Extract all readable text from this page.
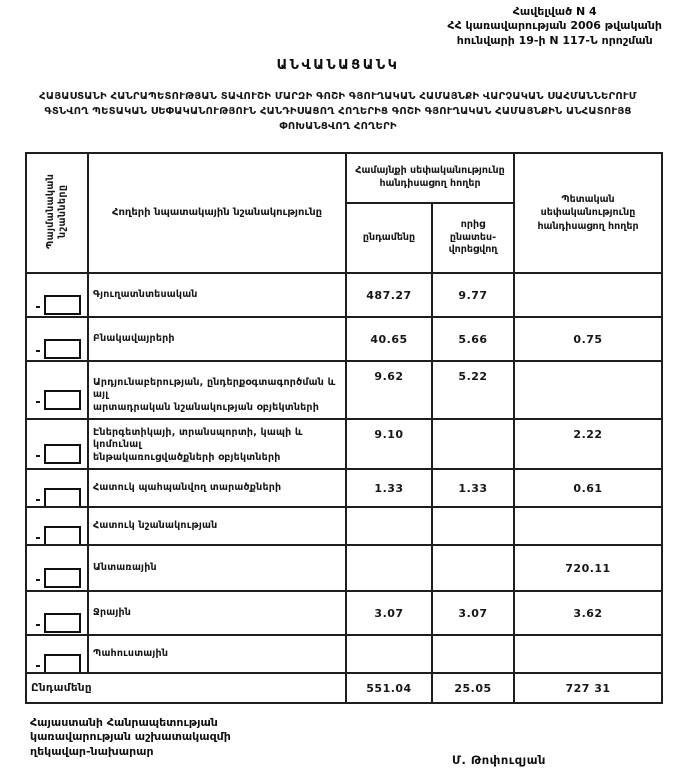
Հավելված N 4
ՀՀ կառավարության 2006 թվականի
հունվարի 19-ի N 117-Ն որոշման
ԱՆՎԱՆԱՑԱՆԿ
ՀԱՅԱՍՏԱՆԻ ՀԱՆՐԱՊԵՏՈՒԹՅԱՆ ՏԱՎՈՒՇԻ ՄԱՐԶԻ ԳՈՇԻ ԳՅՈՒՂԱԿԱՆ ՀԱՄԱՅՆՔԻ ՎԱՐՉԱԿԱՆ ՍԱՀՄԱՆՆԵՐՈՒՄ ԳՏՆՎՈՂ ՊԵՏԱԿԱՆ ՍԵՓԱԿԱՆՈՒԹՅՈՒՆ ՀԱՆԴԻՍԱՑՈՂ ՀՈՂԵՐԻՑ ԳՈՇԻ ԳՅՈՒՂԱԿԱՆ ՀԱՄԱՅՆՔԻՆ ԱՆՀԱՏՈՒՅՑ ՓՈԽԱՆՑՎՈՂ ՀՈՂԵՐԻ
Պայմանական նշանները	Հողերի նպատակային նշանակությունը	Համայնքի սեփականությունը հանդիսացող հողեր		Պետական սեփականությունը հանդիսացող հողեր
		ընդամենը	որից ընատես-վորեցվող	

	Գյուղատնտեսական	487.27	9.77	

	Բնակավայրերի	40.65	5.66	0.75

	Արդյունաբերության, ընդերքօգտագործման և այլ
արտադրական նշանակության օբյեկտների	9.62	5.22	

	Էներգետիկայի, տրանսպորտի, կապի և կոմունալ
ենթակառուցվածքների օբյեկտների	9.10		2.22

	Հատուկ պահպանվող տարածքների	1.33	1.33	0.61

	Հատուկ նշանակության			

	Անտառային			720.11

	Ջրային	3.07	3.07	3.62

	Պահուստային			

Ընդամենը		551.04	25.05	727 31
Հայաստանի Հանրապետության
կառավարության աշխատակազմի
ղեկավար-նախարար
Մ. Թոփուզյան
